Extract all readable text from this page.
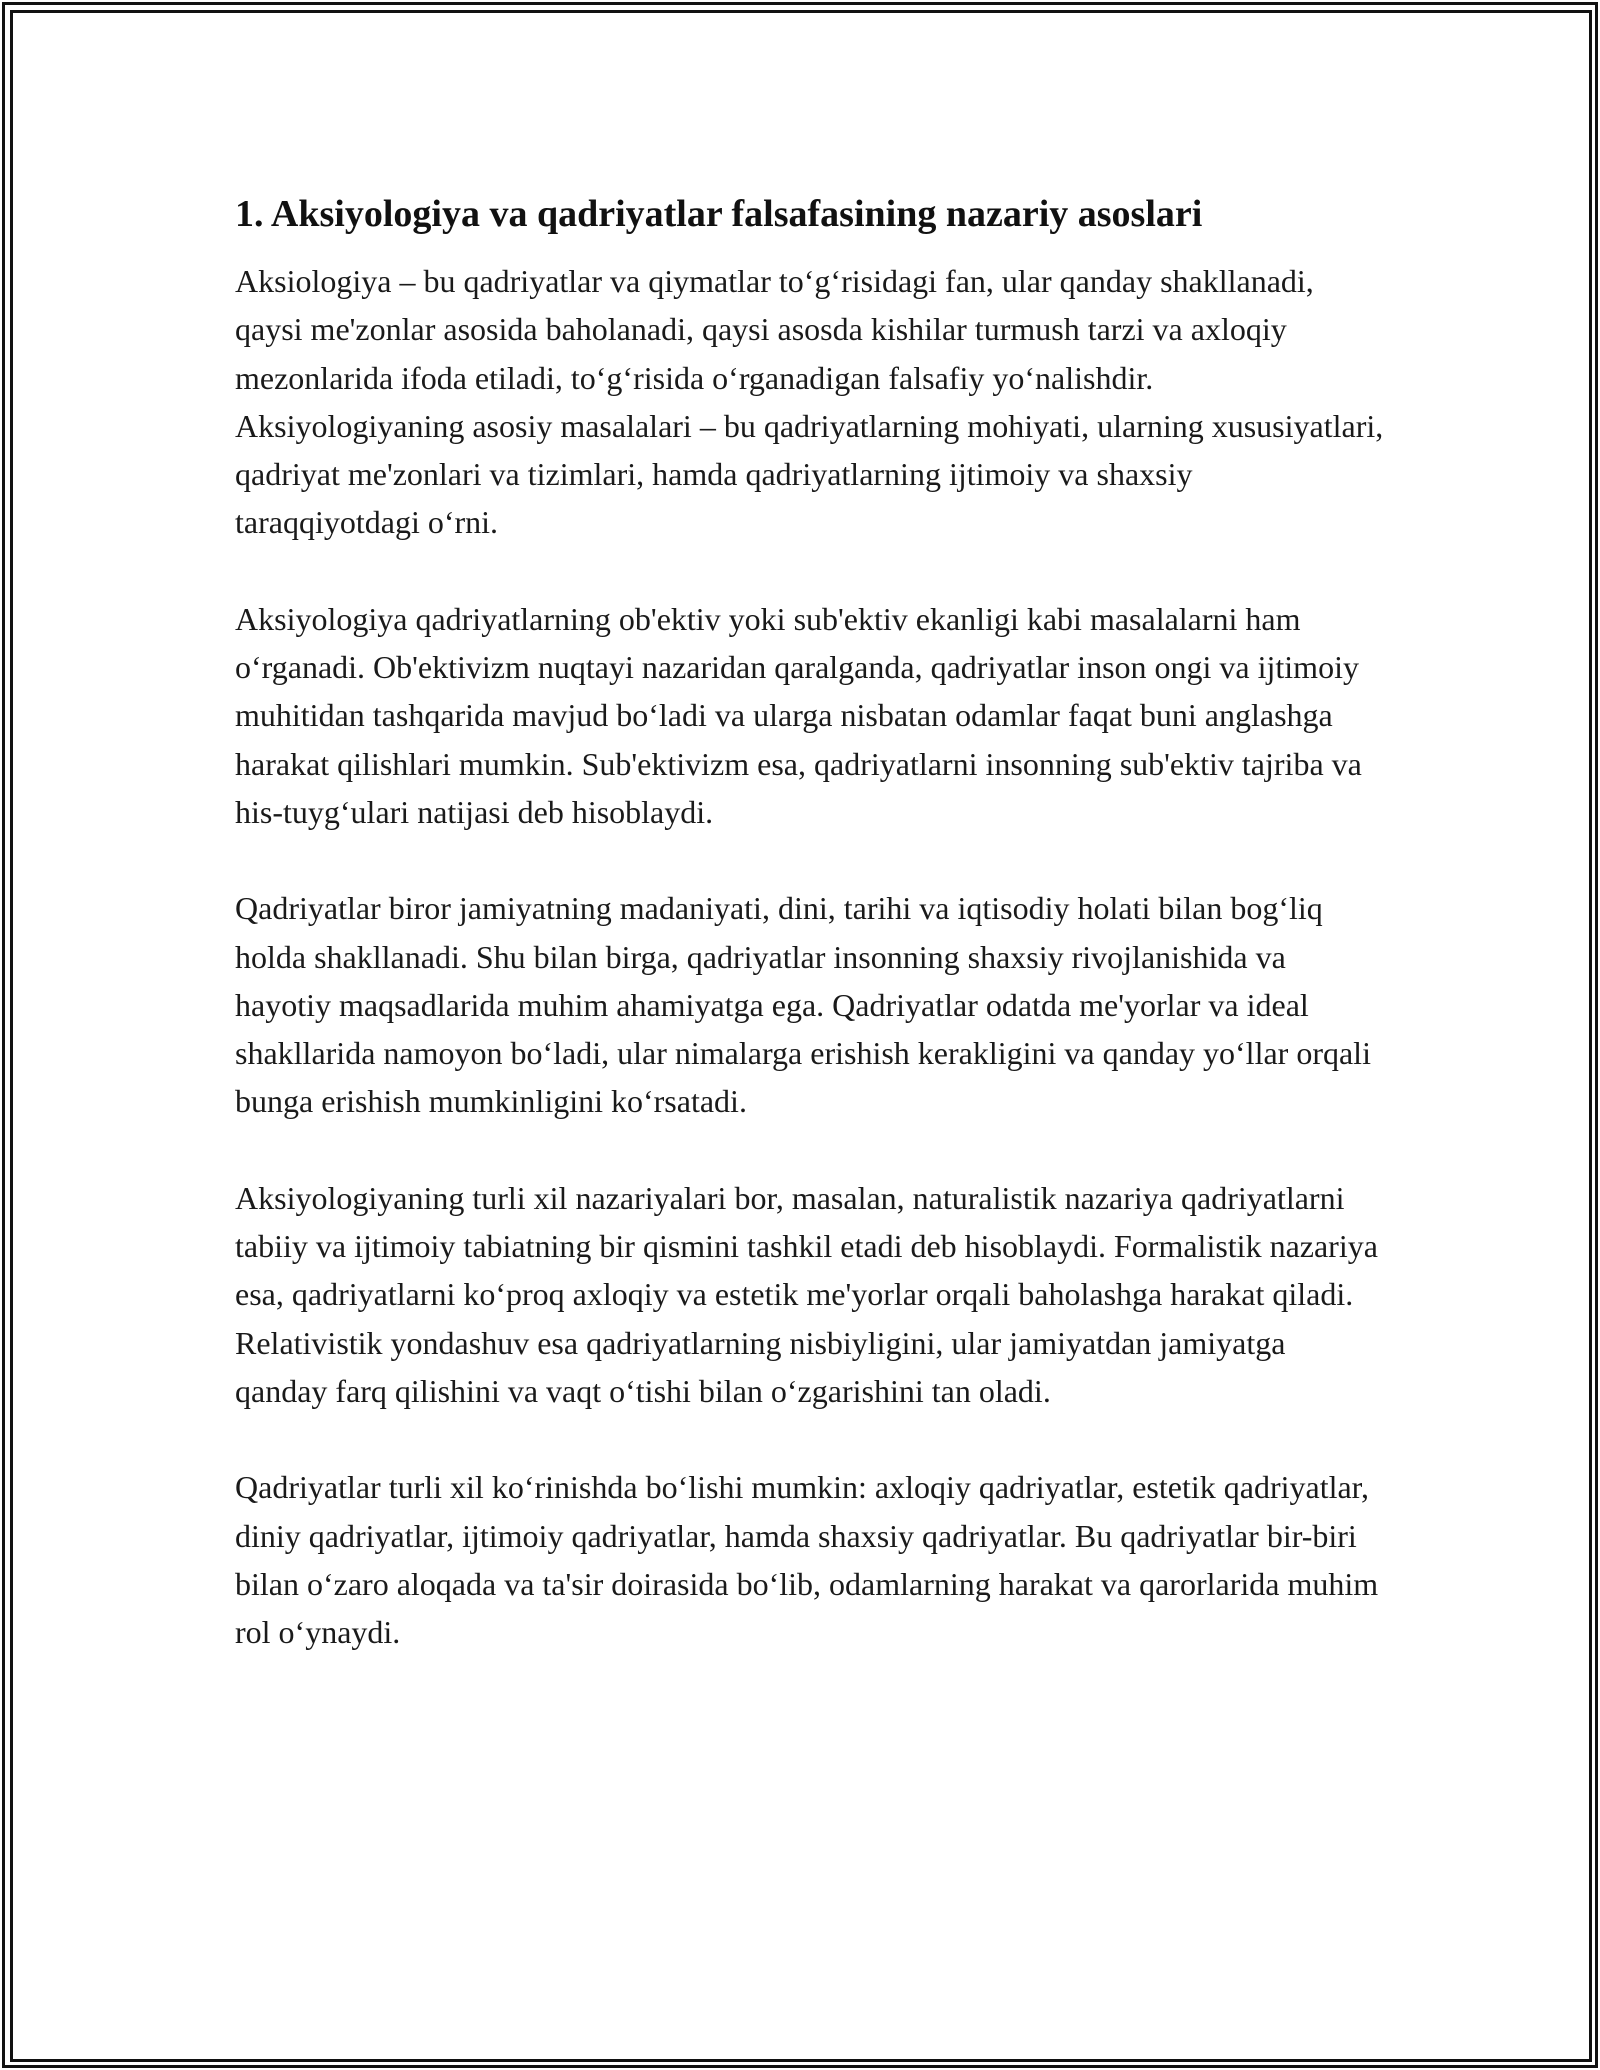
1. Aksiyologiya va qadriyatlar falsafasining nazariy asoslari

Aksiologiya – bu qadriyatlar va qiymatlar to‘g‘risidagi fan, ular qanday shakllanadi, qaysi me'zonlar asosida baholanadi, qaysi asosda kishilar turmush tarzi va axloqiy mezonlarida ifoda etiladi, to‘g‘risida o‘rganadigan falsafiy yo‘nalishdir. Aksiyologiyaning asosiy masalalari – bu qadriyatlarning mohiyati, ularning xususiyatlari, qadriyat me'zonlari va tizimlari, hamda qadriyatlarning ijtimoiy va shaxsiy taraqqiyotdagi o‘rni.

Aksiyologiya qadriyatlarning ob'ektiv yoki sub'ektiv ekanligi kabi masalalarni ham o‘rganadi. Ob'ektivizm nuqtayi nazaridan qaralganda, qadriyatlar inson ongi va ijtimoiy muhitidan tashqarida mavjud bo‘ladi va ularga nisbatan odamlar faqat buni anglashga harakat qilishlari mumkin. Sub'ektivizm esa, qadriyatlarni insonning sub'ektiv tajriba va his-tuyg‘ulari natijasi deb hisoblaydi.

Qadriyatlar biror jamiyatning madaniyati, dini, tarihi va iqtisodiy holati bilan bog‘liq holda shakllanadi. Shu bilan birga, qadriyatlar insonning shaxsiy rivojlanishida va hayotiy maqsadlarida muhim ahamiyatga ega. Qadriyatlar odatda me'yorlar va ideal shakllarida namoyon bo‘ladi, ular nimalarga erishish kerakligini va qanday yo‘llar orqali bunga erishish mumkinligini ko‘rsatadi.

Aksiyologiyaning turli xil nazariyalari bor, masalan, naturalistik nazariya qadriyatlarni tabiiy va ijtimoiy tabiatning bir qismini tashkil etadi deb hisoblaydi. Formalistik nazariya esa, qadriyatlarni ko‘proq axloqiy va estetik me'yorlar orqali baholashga harakat qiladi. Relativistik yondashuv esa qadriyatlarning nisbiyligini, ular jamiyatdan jamiyatga qanday farq qilishini va vaqt o‘tishi bilan o‘zgarishini tan oladi.

Qadriyatlar turli xil ko‘rinishda bo‘lishi mumkin: axloqiy qadriyatlar, estetik qadriyatlar, diniy qadriyatlar, ijtimoiy qadriyatlar, hamda shaxsiy qadriyatlar. Bu qadriyatlar bir-biri bilan o‘zaro aloqada va ta'sir doirasida bo‘lib, odamlarning harakat va qarorlarida muhim rol o‘ynaydi.
